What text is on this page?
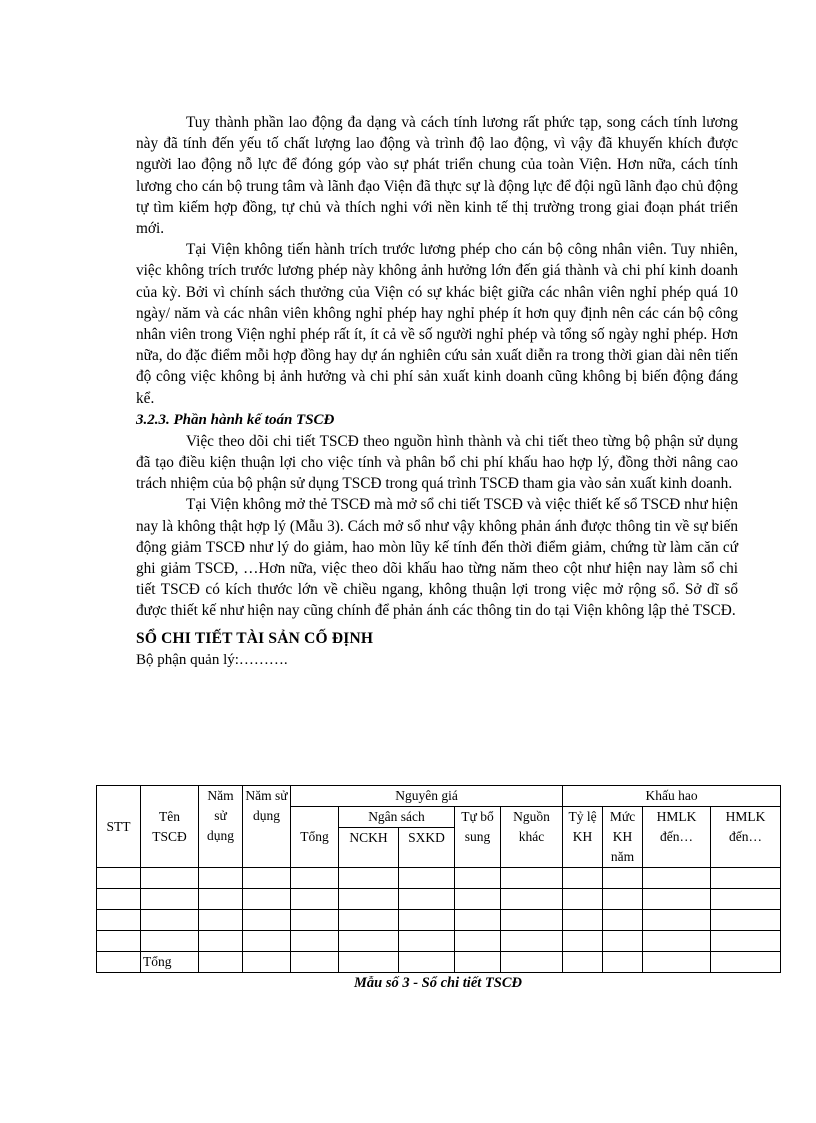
Tuy thành phần lao động đa dạng và cách tính lương rất phức tạp, song cách tính lương này đã tính đến yếu tố chất lượng lao động và trình độ lao động, vì vậy đã khuyến khích được người lao động nỗ lực để đóng góp vào sự phát triển chung của toàn Viện. Hơn nữa, cách tính lương cho cán bộ trung tâm và lãnh đạo Viện đã thực sự là động lực để đội ngũ lãnh đạo chủ động tự tìm kiếm hợp đồng, tự chủ và thích nghi với nền kinh tế thị trường trong giai đoạn phát triển mới.

Tại Viện không tiến hành trích trước lương phép cho cán bộ công nhân viên. Tuy nhiên, việc không trích trước lương phép này không ảnh hưởng lớn đến giá thành và chi phí kinh doanh của kỳ. Bởi vì chính sách thưởng của Viện có sự khác biệt giữa các nhân viên nghỉ phép quá 10 ngày/ năm và các nhân viên không nghỉ phép hay nghỉ phép ít hơn quy định nên các cán bộ công nhân viên trong Viện nghỉ phép rất ít, ít cả về số người nghỉ phép và tổng số ngày nghỉ phép. Hơn nữa, do đặc điểm mỗi hợp đồng hay dự án nghiên cứu sản xuất diễn ra trong thời gian dài nên tiến độ công việc không bị ảnh hưởng và chi phí sản xuất kinh doanh cũng không bị biến động đáng kể.

3.2.3. Phần hành kế toán TSCĐ

Việc theo dõi chi tiết TSCĐ theo nguồn hình thành và chi tiết theo từng bộ phận sử dụng đã tạo điều kiện thuận lợi cho việc tính và phân bổ chi phí khấu hao hợp lý, đồng thời nâng cao trách nhiệm của bộ phận sử dụng TSCĐ trong quá trình TSCĐ tham gia vào sản xuất kinh doanh.

Tại Viện không mở thẻ TSCĐ mà mở sổ chi tiết TSCĐ và việc thiết kế sổ TSCĐ như hiện nay là không thật hợp lý (Mẫu 3). Cách mở sổ như vậy không phản ánh được thông tin về sự biến động giảm TSCĐ như lý do giảm, hao mòn lũy kế tính đến thời điểm giảm, chứng từ làm căn cứ ghi giảm TSCĐ, …Hơn nữa, việc theo dõi khấu hao từng năm theo cột như hiện nay làm sổ chi tiết TSCĐ có kích thước lớn về chiều ngang, không thuận lợi trong việc mở rộng sổ. Sở dĩ sổ được thiết kế như hiện nay cũng chính để phản ánh các thông tin do tại Viện không lập thẻ TSCĐ.

SỔ CHI TIẾT TÀI SẢN CỐ ĐỊNH

Bộ phận quản lý:……….

STT	Tên TSCĐ	Năm sử dụng	Năm sử dụng	Nguyên giá					Khấu hao			
				Tổng	Ngân sách		Tự bổ sung	Nguồn khác	Tỷ lệ KH	Mức KH năm	HMLK đến…	HMLK đến…
					NCKH	SXKD						

	Tổng											
Mẫu số 3 - Sổ chi tiết TSCĐ
